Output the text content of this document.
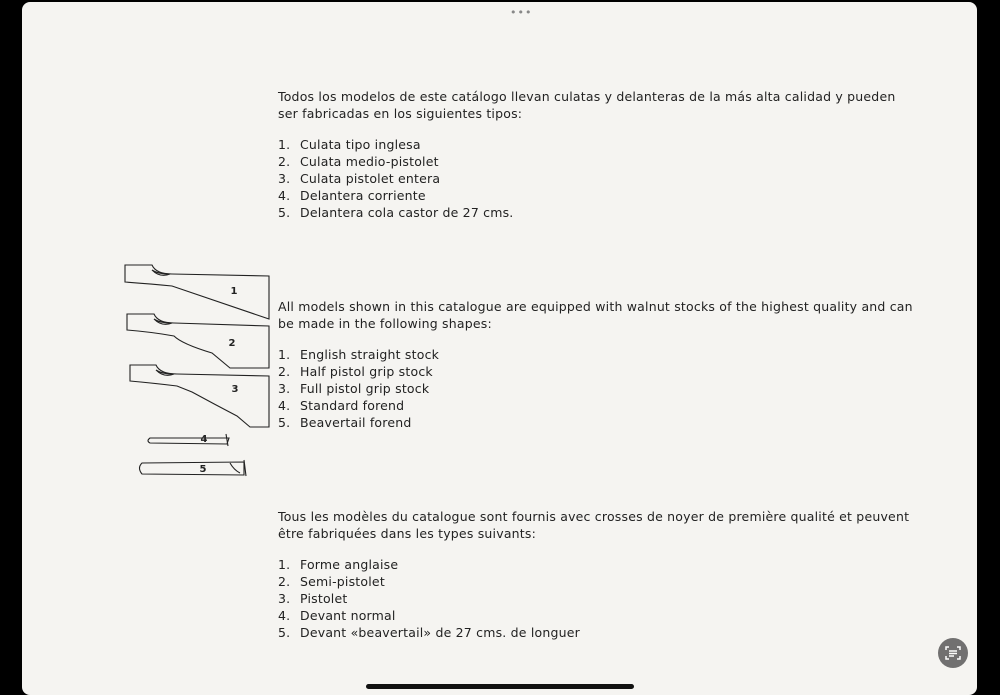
•••

Todos los modelos de este catálogo llevan culatas y delanteras de la más alta calidad y pueden ser fabricadas en los siguientes tipos:

1. Culata tipo inglesa
2. Culata medio-pistolet
3. Culata pistolet entera
4. Delantera corriente
5. Delantera cola castor de 27 cms.

All models shown in this catalogue are equipped with walnut stocks of the highest quality and can be made in the following shapes:

1. English straight stock
2. Half pistol grip stock
3. Full pistol grip stock
4. Standard forend
5. Beavertail forend

Tous les modèles du catalogue sont fournis avec crosses de noyer de première qualité et peuvent être fabriquées dans les types suivants:

1. Forme anglaise
2. Semi-pistolet
3. Pistolet
4. Devant normal
5. Devant «beavertail» de 27 cms. de longuer
1
2
3
4
5
